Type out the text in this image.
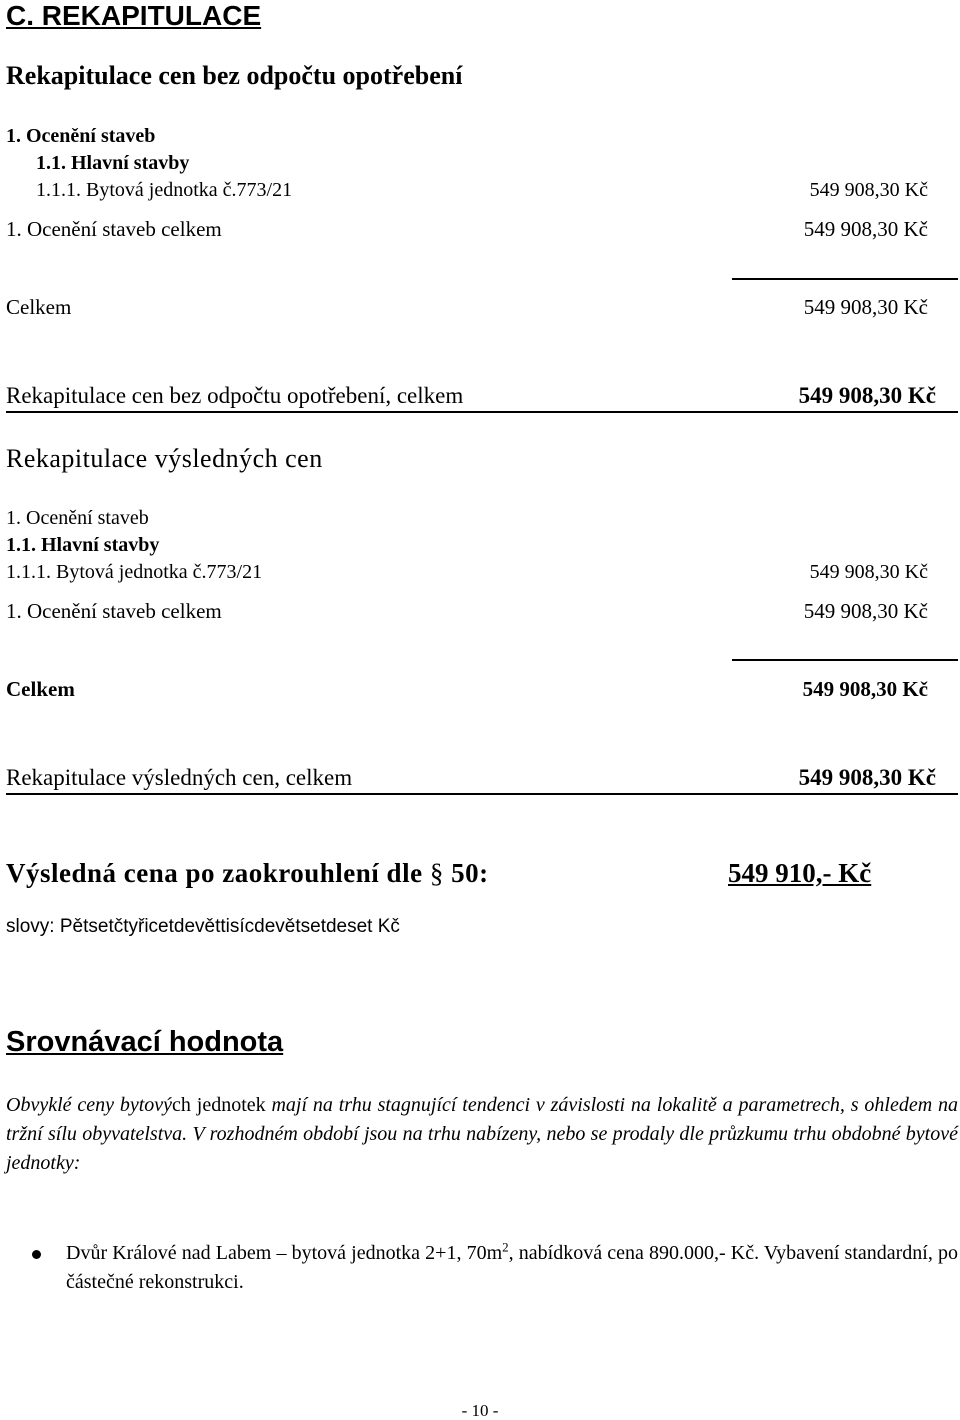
C. REKAPITULACE
Rekapitulace cen bez odpočtu opotřebení
1. Ocenění staveb
1.1. Hlavní stavby
1.1.1. Bytová jednotka č.773/21	549 908,30 Kč
1. Ocenění staveb celkem	549 908,30 Kč
Celkem	549 908,30 Kč
Rekapitulace cen bez odpočtu opotřebení, celkem	549 908,30 Kč
Rekapitulace výsledných cen
1. Ocenění staveb
1.1. Hlavní stavby
1.1.1. Bytová jednotka č.773/21	549 908,30 Kč
1. Ocenění staveb celkem	549 908,30 Kč
Celkem	549 908,30 Kč
Rekapitulace výsledných cen, celkem	549 908,30 Kč
Výsledná cena po zaokrouhlení dle § 50:	549 910,- Kč
slovy: Pětsetčtyřicetdevěttisícdevětsetdeset Kč
Srovnávací hodnota
Obvyklé ceny bytových jednotek mají na trhu stagnující tendenci v závislosti na lokalitě a parametrech, s ohledem na tržní sílu obyvatelstva. V rozhodném období jsou na trhu nabízeny, nebo se prodaly dle průzkumu trhu obdobné bytové jednotky:
Dvůr Králové nad Labem – bytová jednotka 2+1, $70m^2$, nabídková cena 890.000,- Kč. Vybavení standardní, po částečné rekonstrukci.
- 10 -
